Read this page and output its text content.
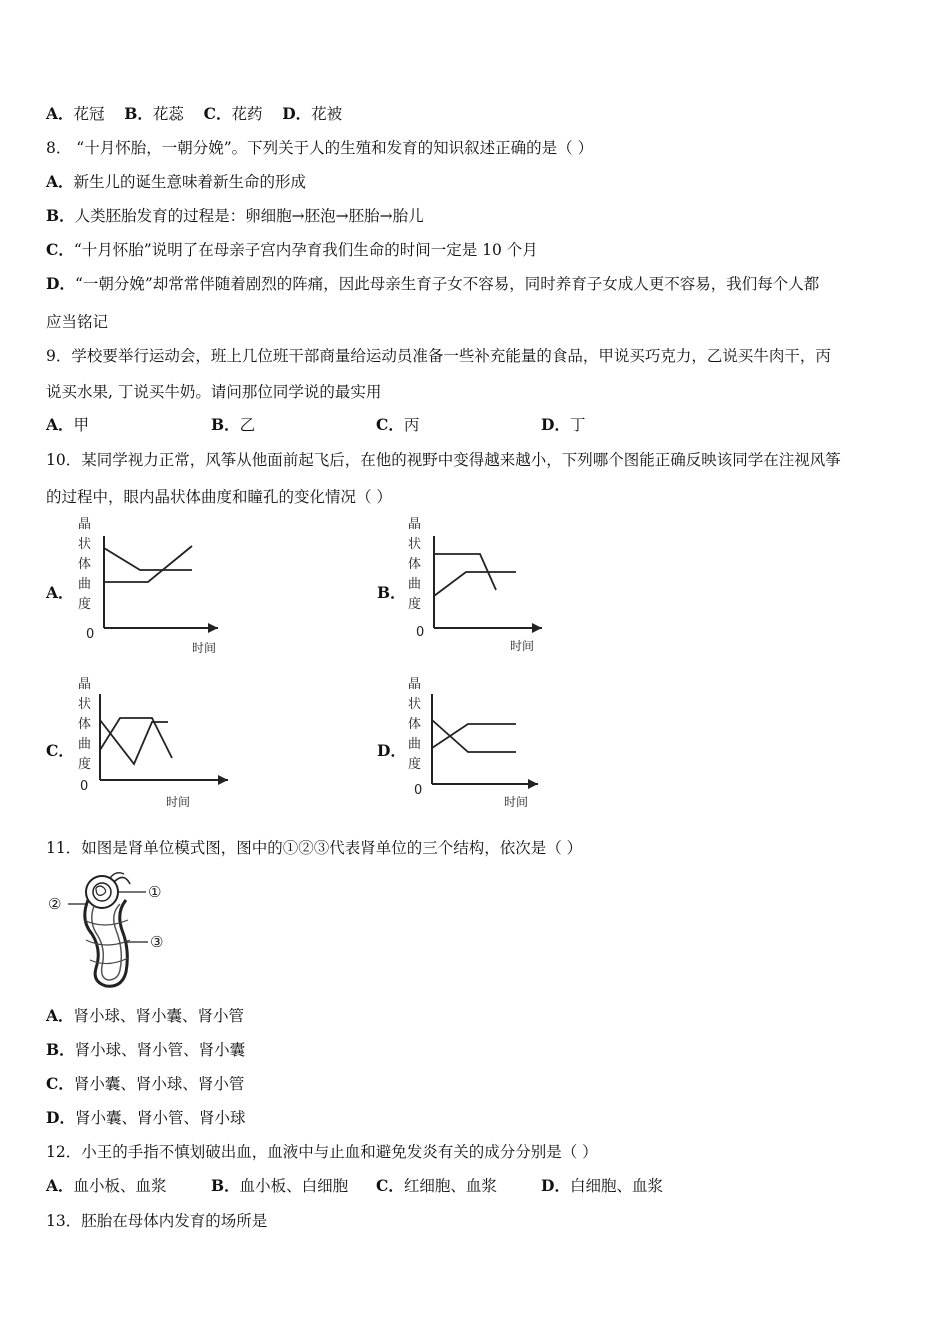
A．花冠 B．花蕊 C．花药 D．花被
8． “十月怀胎，一朝分娩”。下列关于人的生殖和发育的知识叙述正确的是（ ）
A．新生儿的诞生意味着新生命的形成
B．人类胚胎发育的过程是：卵细胞→胚泡→胚胎→胎儿
C．“十月怀胎”说明了在母亲子宫内孕育我们生命的时间一定是 10 个月
D．“一朝分娩”却常常伴随着剧烈的阵痛，因此母亲生育子女不容易，同时养育子女成人更不容易，我们每个人都
应当铭记
9．学校要举行运动会，班上几位班干部商量给运动员准备一些补充能量的食品，甲说买巧克力，乙说买牛肉干，丙
说买水果, 丁说买牛奶。请问那位同学说的最实用
A．甲	B．乙	C．丙	D．丁
10．某同学视力正常，风筝从他面前起飞后，在他的视野中变得越来越小，下列哪个图能正确反映该同学在注视风筝
的过程中，眼内晶状体曲度和瞳孔的变化情况（ ）
A．	B．
C．	D．
晶
状
体
曲
度
0
时间
晶
状
体
曲
度
0
时间
晶
状
体
曲
度
0
时间
晶
状
体
曲
度
0
时间
11．如图是肾单位模式图，图中的①②③代表肾单位的三个结构，依次是（ ）
①
②
③
A．肾小球、肾小囊、肾小管
B．肾小球、肾小管、肾小囊
C．肾小囊、肾小球、肾小管
D．肾小囊、肾小管、肾小球
12．小王的手指不慎划破出血，血液中与止血和避免发炎有关的成分分别是（ ）
A．血小板、血浆	B．血小板、白细胞 C．红细胞、血浆	D．白细胞、血浆
13．胚胎在母体内发育的场所是
